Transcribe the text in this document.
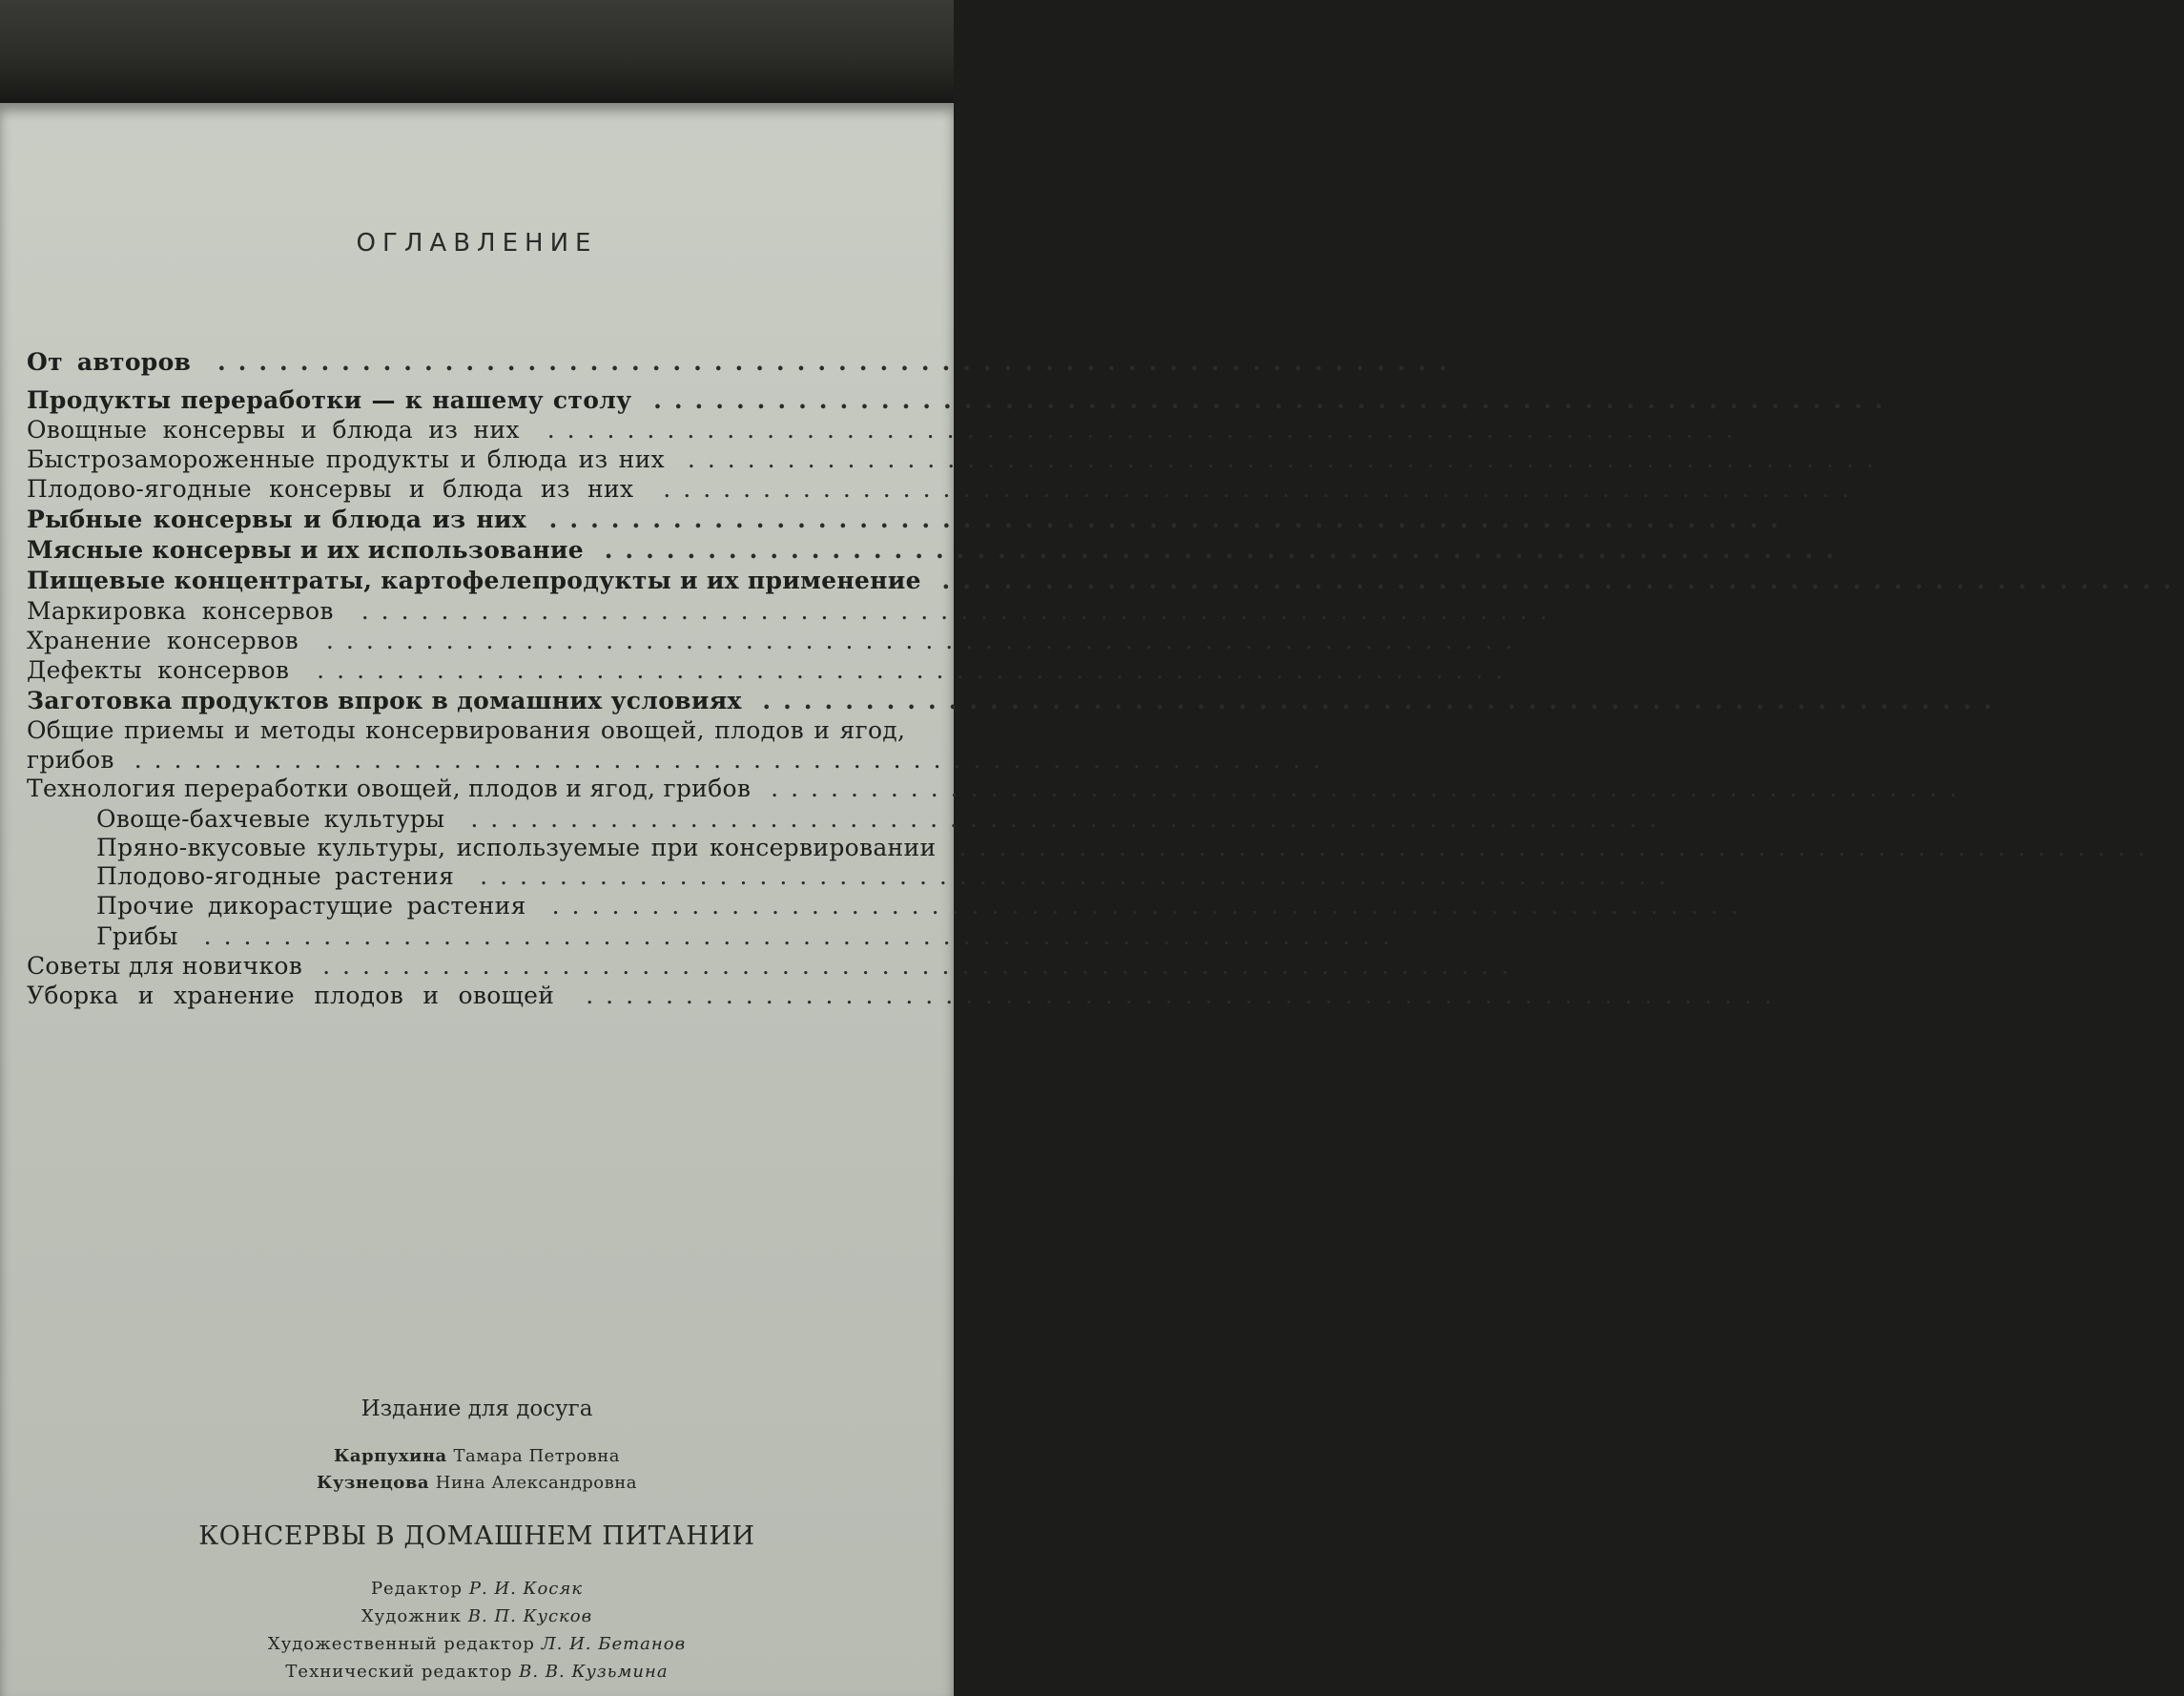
ОГЛАВЛЕНИЕ
От авторов ............................................................
Продукты переработки — к нашему столу ............................................................
Овощные консервы и блюда из них ............................................................
Быстрозамороженные продукты и блюда из них ............................................................
Плодово-ягодные консервы и блюда из них ............................................................
Рыбные консервы и блюда из них ............................................................
Мясные консервы и их использование ............................................................
Пищевые концентраты, картофелепродукты и их применение ............................................................
Маркировка консервов ............................................................
Хранение консервов ............................................................
Дефекты консервов ............................................................
Заготовка продуктов впрок в домашних условиях ............................................................
Общие приемы и методы консервирования овощей, плодов и ягод,
грибов ............................................................
Технология переработки овощей, плодов и ягод, грибов ............................................................
Овоще-бахчевые культуры ............................................................
Пряно-вкусовые культуры, используемые при консервировании ............................................................
Плодово-ягодные растения ............................................................
Прочие дикорастущие растения ............................................................
Грибы ............................................................
Советы для новичков ............................................................
Уборка и хранение плодов и овощей ............................................................
Издание для досуга
Карпухина Тамара Петровна
Кузнецова Нина Александровна
КОНСЕРВЫ В ДОМАШНЕМ ПИТАНИИ
Редактор Р. И. Косяк
Художник В. П. Кусков
Художественный редактор Л. И. Бетанов
Технический редактор В. В. Кузьмина
